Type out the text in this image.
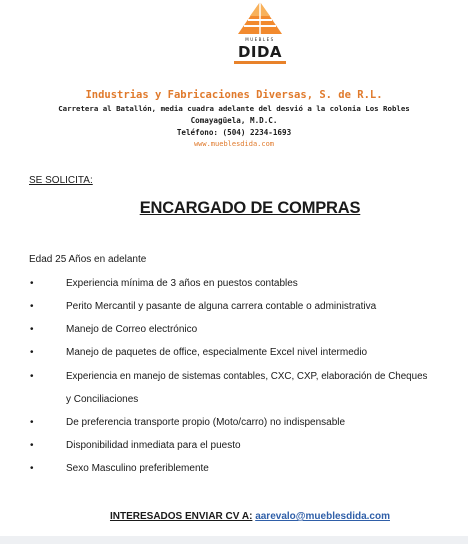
MUEBLES
DIDA
Industrias y Fabricaciones Diversas, S. de R.L.
Carretera al Batallón, media cuadra adelante del desvió a la colonia Los Robles
Comayagüela, M.D.C.
Teléfono: (504) 2234-1693
www.mueblesdida.com
SE SOLICITA:
ENCARGADO DE COMPRAS
Edad 25 Años en adelante
•	Experiencia mínima de 3 años en puestos contables
•	Perito Mercantil y pasante de alguna carrera contable o administrativa
•	Manejo de Correo electrónico
•	Manejo de paquetes de office, especialmente Excel nivel intermedio
•	Experiencia en manejo de sistemas contables, CXC, CXP, elaboración de Cheques
y Conciliaciones
•	De preferencia transporte propio (Moto/carro) no indispensable
•	Disponibilidad inmediata para el puesto
•	Sexo Masculino preferiblemente
INTERESADOS ENVIAR CV A: aarevalo@mueblesdida.com
